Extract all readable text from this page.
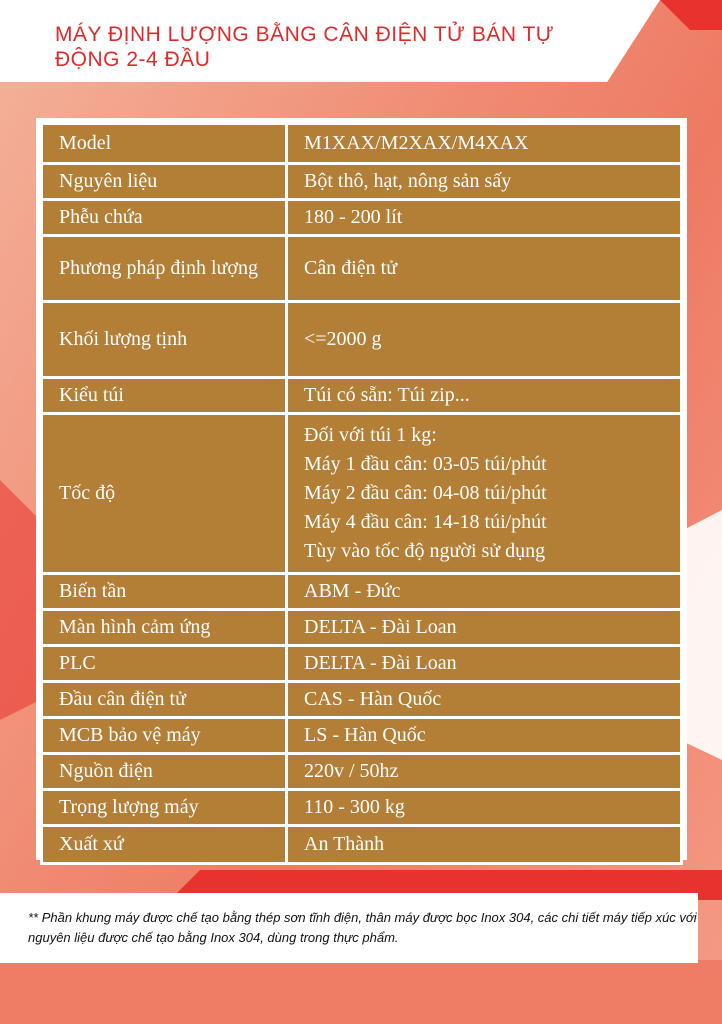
MÁY ĐỊNH LƯỢNG BẰNG CÂN ĐIỆN TỬ BÁN TỰ ĐỘNG 2-4 ĐẦU
Model	M1XAX/M2XAX/M4XAX
Nguyên liệu	Bột thô, hạt, nông sản sấy
Phễu chứa	180 - 200 lít
Phương pháp định lượng	Cân điện tử
Khối lượng tịnh	<=2000 g
Kiểu túi	Túi có sẵn: Túi zip...
Tốc độ	Đối với túi 1 kg:
Máy 1 đầu cân: 03-05 túi/phút
Máy 2 đầu cân: 04-08 túi/phút
Máy 4 đầu cân: 14-18 túi/phút
Tùy vào tốc độ người sử dụng

Biến tần	ABM - Đức
Màn hình cảm ứng	DELTA - Đài Loan
PLC	DELTA - Đài Loan
Đầu cân điện tử	CAS - Hàn Quốc
MCB bảo vệ máy	LS - Hàn Quốc
Nguồn điện	220v / 50hz
Trọng lượng máy	110 - 300 kg
Xuất xứ	An Thành
** Phần khung máy được chế tạo bằng thép sơn tĩnh điện, thân máy được bọc Inox 304, các chi tiết máy tiếp xúc với nguyên liệu được chế tạo bằng Inox 304, dùng trong thực phẩm.
